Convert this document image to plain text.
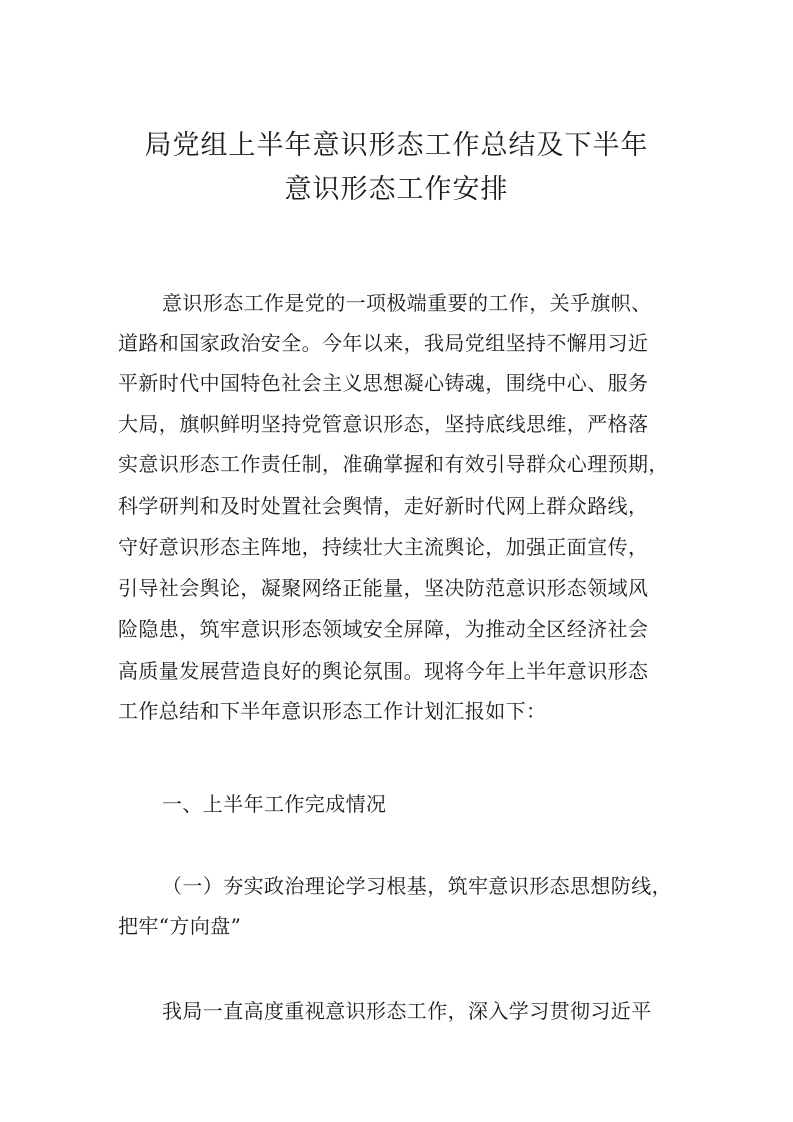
局党组上半年意识形态工作总结及下半年
意识形态工作安排
意识形态工作是党的一项极端重要的工作，关乎旗帜、
道路和国家政治安全。今年以来，我局党组坚持不懈用习近
平新时代中国特色社会主义思想凝心铸魂，围绕中心、服务
大局，旗帜鲜明坚持党管意识形态，坚持底线思维，严格落
实意识形态工作责任制，准确掌握和有效引导群众心理预期，
科学研判和及时处置社会舆情，走好新时代网上群众路线，
守好意识形态主阵地，持续壮大主流舆论，加强正面宣传，
引导社会舆论，凝聚网络正能量，坚决防范意识形态领域风
险隐患，筑牢意识形态领域安全屏障，为推动全区经济社会
高质量发展营造良好的舆论氛围。现将今年上半年意识形态
工作总结和下半年意识形态工作计划汇报如下：
一、上半年工作完成情况
（一）夯实政治理论学习根基，筑牢意识形态思想防线，
把牢“方向盘”
我局一直高度重视意识形态工作，深入学习贯彻习近平
